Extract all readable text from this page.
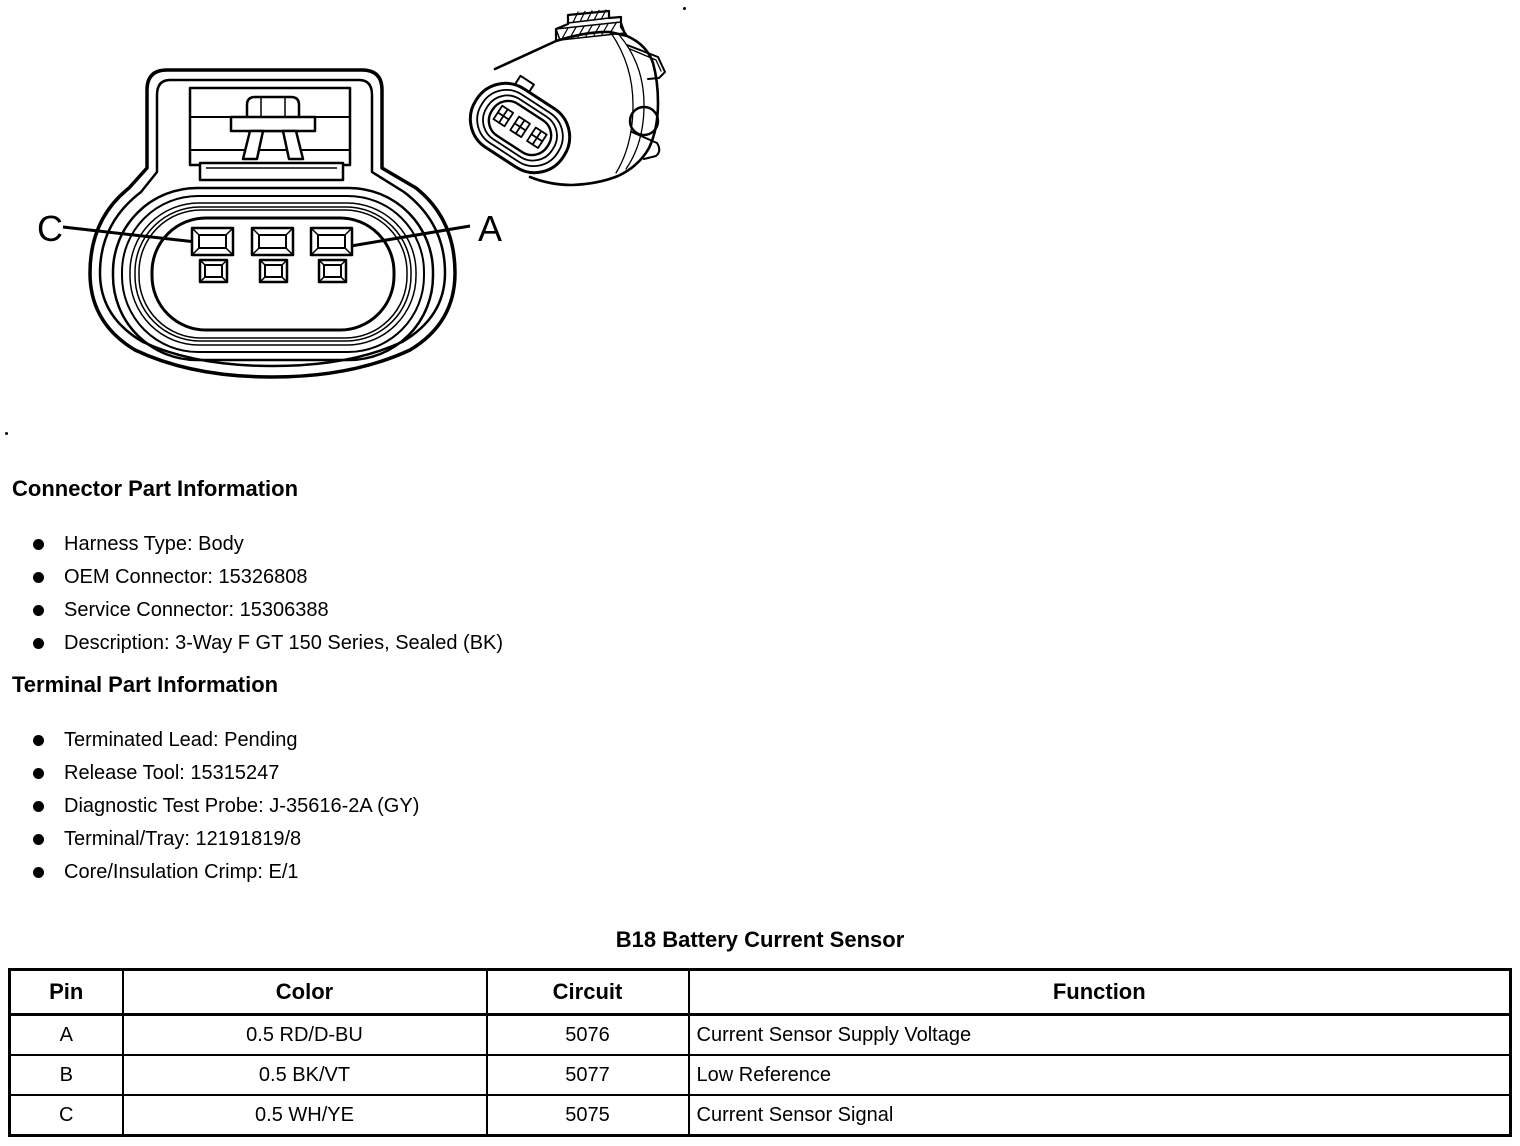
C	A
Connector Part Information
Harness Type: Body
OEM Connector: 15326808
Service Connector: 15306388
Description: 3-Way F GT 150 Series, Sealed (BK)
Terminal Part Information
Terminated Lead: Pending
Release Tool: 15315247
Diagnostic Test Probe: J-35616-2A (GY)
Terminal/Tray: 12191819/8
Core/Insulation Crimp: E/1
B18 Battery Current Sensor
Pin	Color	Circuit	Function
A	0.5 RD/D-BU	5076	Current Sensor Supply Voltage
B	0.5 BK/VT	5077	Low Reference
C	0.5 WH/YE	5075	Current Sensor Signal
